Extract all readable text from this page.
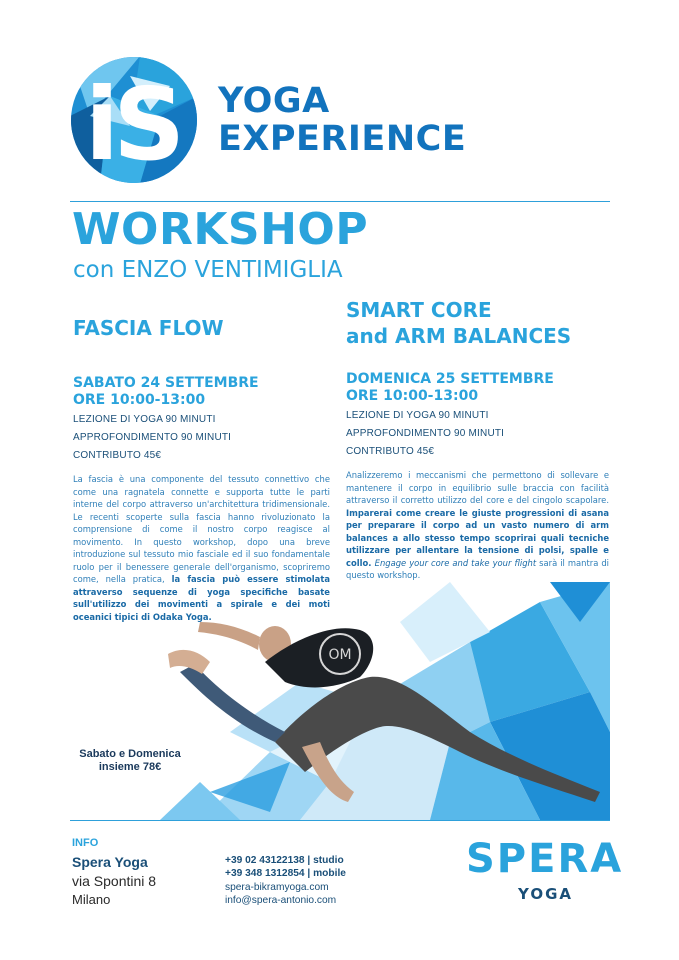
iS YOGA
EXPERIENCE
WORKSHOP
con ENZO VENTIMIGLIA
FASCIA FLOW
SABATO 24 SETTEMBRE
ORE 10:00-13:00
LEZIONE DI YOGA 90 MINUTI
APPROFONDIMENTO 90 MINUTI
CONTRIBUTO 45€
La fascia è una componente del tessuto connettivo che come una ragnatela connette e supporta tutte le parti interne del corpo attraverso un'architettura tridimensionale. Le recenti scoperte sulla fascia hanno rivoluzionato la comprensione di come il nostro corpo reagisce al movimento. In questo workshop, dopo una breve introduzione sul tessuto mio fasciale ed il suo fondamentale ruolo per il benessere generale dell'organismo, scopriremo come, nella pratica, la fascia può essere stimolata attraverso sequenze di yoga specifiche basate sull'utilizzo dei movimenti a spirale e dei moti oceanici tipici di Odaka Yoga.
SMART CORE
and ARM BALANCES
DOMENICA 25 SETTEMBRE
ORE 10:00-13:00
LEZIONE DI YOGA 90 MINUTI
APPROFONDIMENTO 90 MINUTI
CONTRIBUTO 45€
Analizzeremo i meccanismi che permettono di sollevare e mantenere il corpo in equilibrio sulle braccia con facilità attraverso il corretto utilizzo del core e del cingolo scapolare. Imparerai come creare le giuste progressioni di asana per preparare il corpo ad un vasto numero di arm balances a allo stesso tempo scoprirai quali tecniche utilizzare per allentare la tensione di polsi, spalle e collo. Engage your core and take your flight sarà il mantra di questo workshop.
OM
Sabato e Domenica
insieme 78€
INFO
Spera Yoga
via Spontini 8
Milano
+39 02 43122138 | studio
+39 348 1312854 | mobile
spera-bikramyoga.com
info@spera-antonio.com
SPERA
YOGA
